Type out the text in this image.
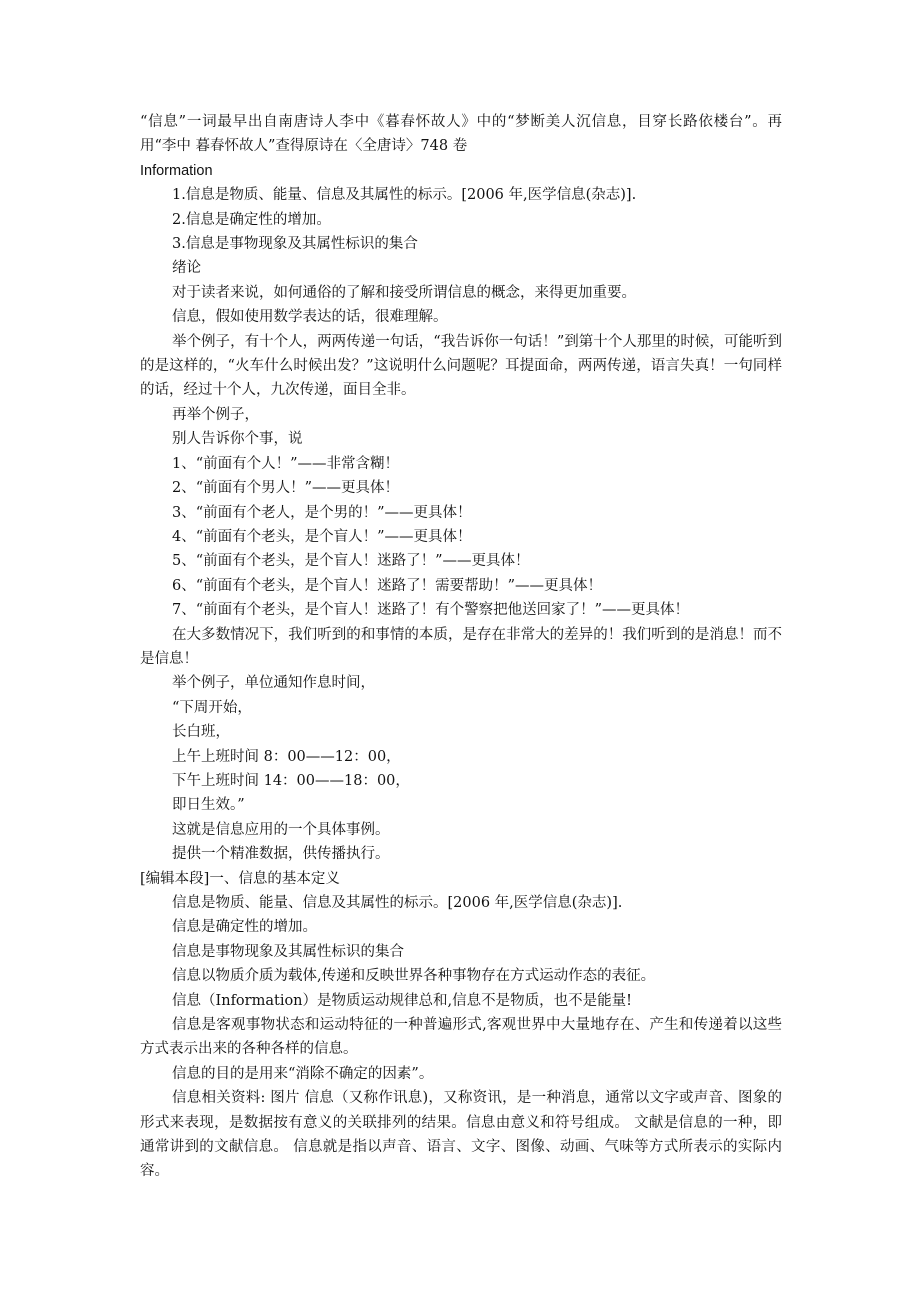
“信息”一词最早出自南唐诗人李中《暮春怀故人》中的“梦断美人沉信息，目穿长路依楼台”。再用“李中 暮春怀故人”查得原诗在〈全唐诗〉748 卷

Information

1.信息是物质、能量、信息及其属性的标示。[2006 年,医学信息(杂志)].

2.信息是确定性的增加。

3.信息是事物现象及其属性标识的集合

绪论

对于读者来说，如何通俗的了解和接受所谓信息的概念，来得更加重要。

信息，假如使用数学表达的话，很难理解。

举个例子，有十个人，两两传递一句话，“我告诉你一句话！”到第十个人那里的时候，可能听到的是这样的，“火车什么时候出发？”这说明什么问题呢？耳提面命，两两传递，语言失真！一句同样的话，经过十个人，九次传递，面目全非。

再举个例子，

别人告诉你个事，说

1、“前面有个人！”——非常含糊！

2、“前面有个男人！”——更具体！

3、“前面有个老人，是个男的！”——更具体！

4、“前面有个老头，是个盲人！”——更具体！

5、“前面有个老头，是个盲人！迷路了！”——更具体！

6、“前面有个老头，是个盲人！迷路了！需要帮助！”——更具体！

7、“前面有个老头，是个盲人！迷路了！有个警察把他送回家了！”——更具体！

在大多数情况下，我们听到的和事情的本质，是存在非常大的差异的！我们听到的是消息！而不是信息！

举个例子，单位通知作息时间，

“下周开始，

长白班，

上午上班时间 8：00——12：00，

下午上班时间 14：00——18：00，

即日生效。”

这就是信息应用的一个具体事例。

提供一个精准数据，供传播执行。

[编辑本段]一、信息的基本定义

信息是物质、能量、信息及其属性的标示。[2006 年,医学信息(杂志)].

信息是确定性的增加。

信息是事物现象及其属性标识的集合

信息以物质介质为载体,传递和反映世界各种事物存在方式运动作态的表征。

信息（Information）是物质运动规律总和,信息不是物质，也不是能量!

信息是客观事物状态和运动特征的一种普遍形式,客观世界中大量地存在、产生和传递着以这些方式表示出来的各种各样的信息。

信息的目的是用来“消除不确定的因素”。

信息相关资料: 图片 信息（又称作讯息)，又称资讯，是一种消息，通常以文字或声音、图象的形式来表现，是数据按有意义的关联排列的结果。信息由意义和符号组成。 文献是信息的一种，即通常讲到的文献信息。 信息就是指以声音、语言、文字、图像、动画、气味等方式所表示的实际内容。
